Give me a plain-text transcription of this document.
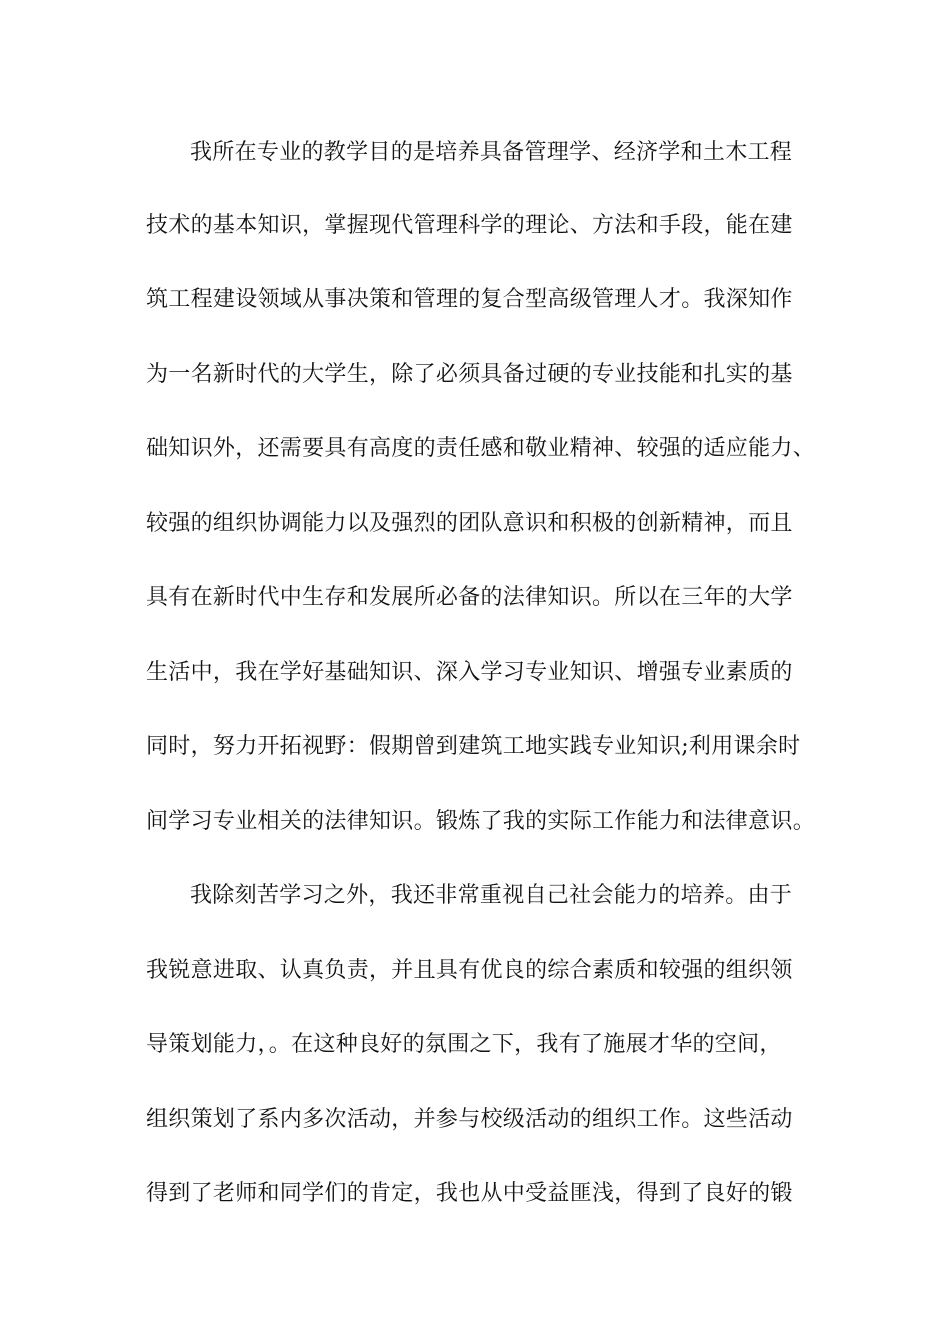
我所在专业的教学目的是培养具备管理学、经济学和土木工程
技术的基本知识，掌握现代管理科学的理论、方法和手段，能在建
筑工程建设领域从事决策和管理的复合型高级管理人才。我深知作
为一名新时代的大学生，除了必须具备过硬的专业技能和扎实的基
础知识外，还需要具有高度的责任感和敬业精神、较强的适应能力、
较强的组织协调能力以及强烈的团队意识和积极的创新精神，而且
具有在新时代中生存和发展所必备的法律知识。所以在三年的大学
生活中，我在学好基础知识、深入学习专业知识、增强专业素质的
同时，努力开拓视野：假期曾到建筑工地实践专业知识;利用课余时
间学习专业相关的法律知识。锻炼了我的实际工作能力和法律意识。
我除刻苦学习之外，我还非常重视自己社会能力的培养。由于
我锐意进取、认真负责，并且具有优良的综合素质和较强的组织领
导策划能力，。在这种良好的氛围之下，我有了施展才华的空间，
组织策划了系内多次活动，并参与校级活动的组织工作。这些活动
得到了老师和同学们的肯定，我也从中受益匪浅，得到了良好的锻
